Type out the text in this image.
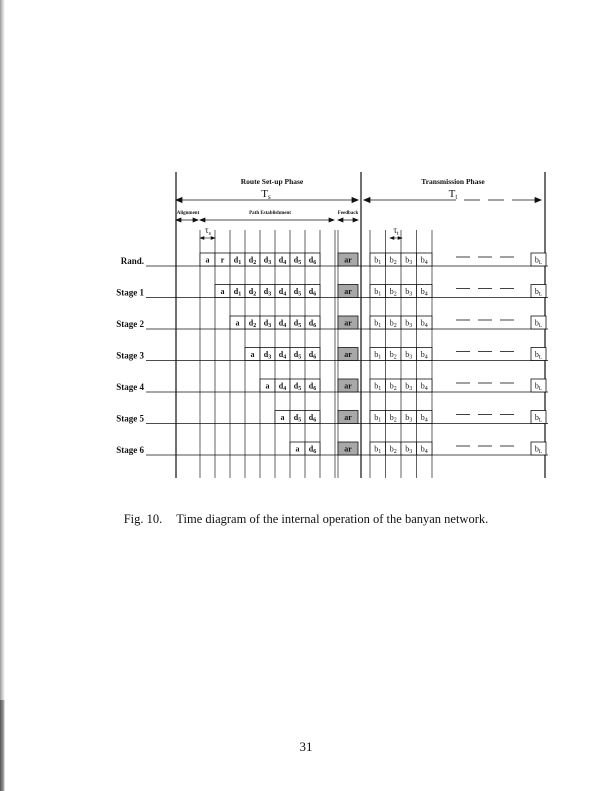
Route Set-up Phase
Ts
Transmission Phase
Tt
Alignment	Path Establishment	Feedback
$\tau_s$	$\tau_t$
Rand.	a r d1 d2 d3 d4 d5 d6	ar	b1 b2 b3 b4	bL
Stage 1	a d1 d2 d3 d4 d5 d6	ar	b1 b2 b3 b4	bL
Stage 2	a d2 d3 d4 d5 d6	ar	b1 b2 b3 b4	bL
Stage 3	a d3 d4 d5 d6	ar	b1 b2 b3 b4	bL
Stage 4	a d4 d5 d6	ar	b1 b2 b3 b4	bL
Stage 5	a d5 d6	ar	b1 b2 b3 b4	bL
Stage 6	a d6	ar	b1 b2 b3 b4	bL
Fig. 10. Time diagram of the internal operation of the banyan network.
31
